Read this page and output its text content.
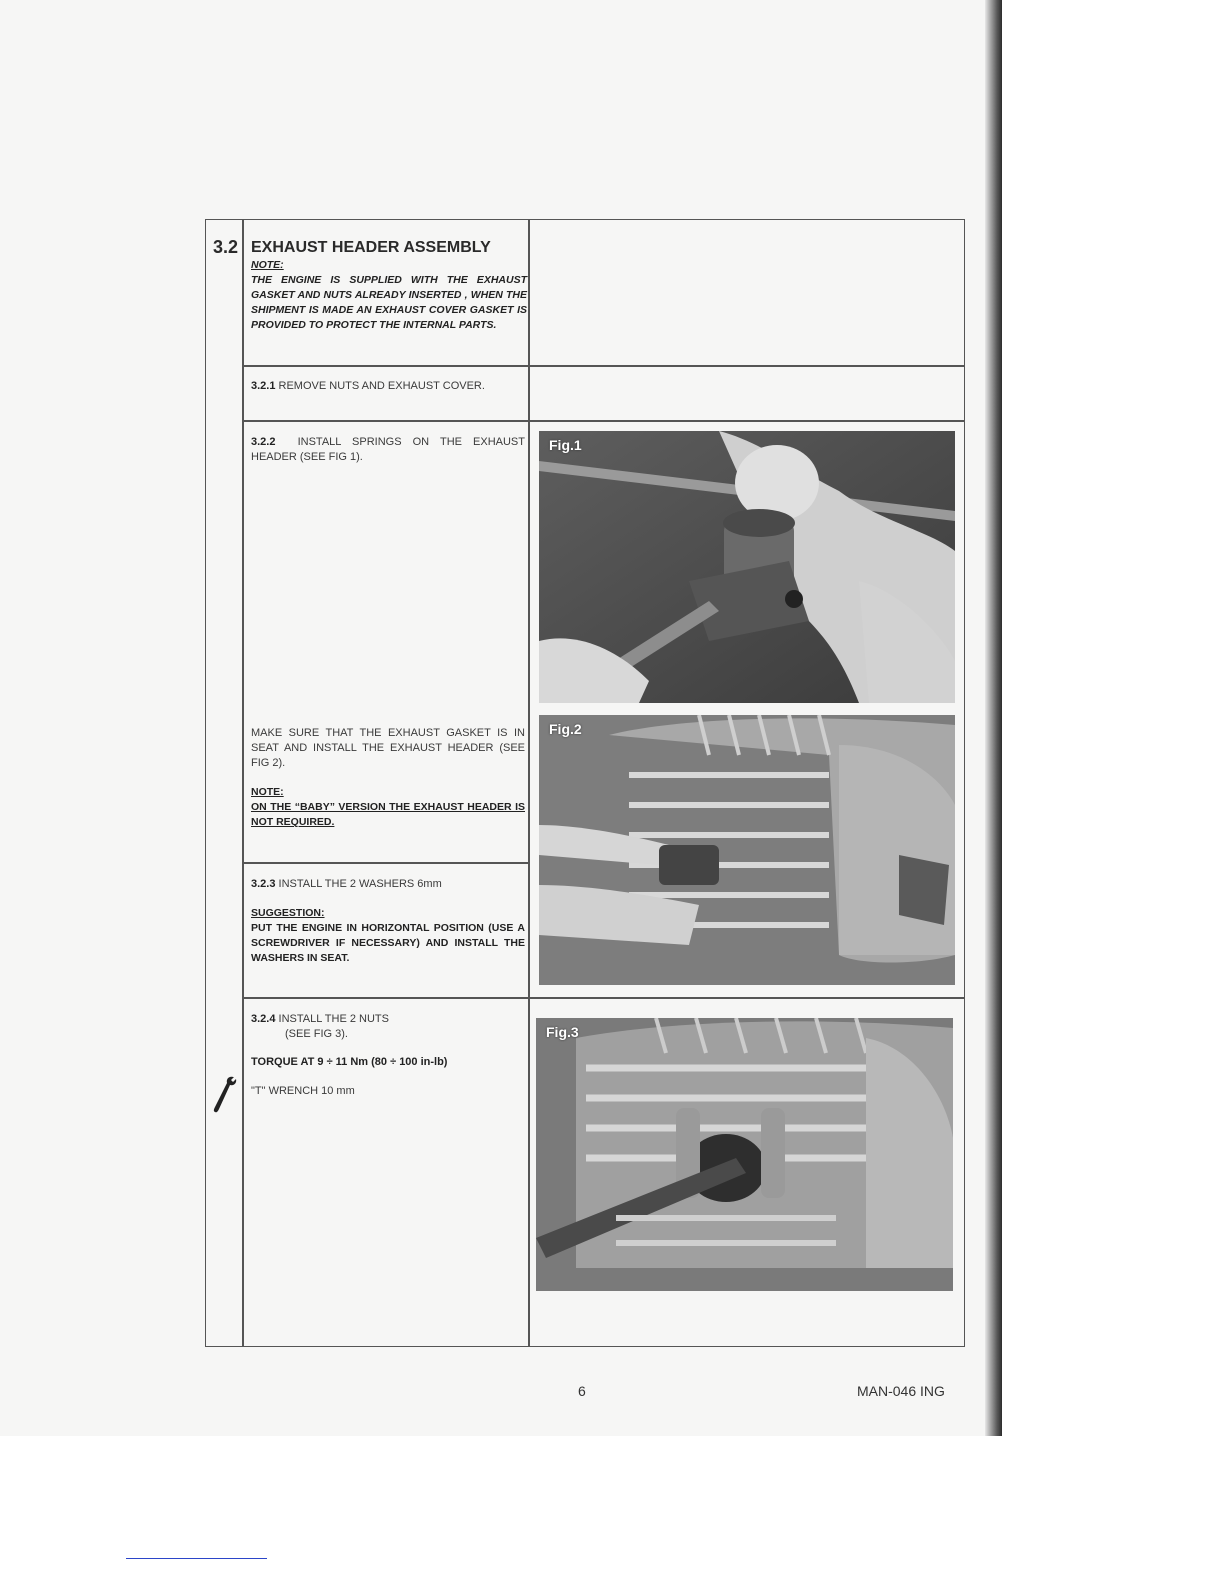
3.2 EXHAUST HEADER ASSEMBLY
NOTE:
THE ENGINE IS SUPPLIED WITH THE EXHAUST GASKET AND NUTS ALREADY INSERTED , WHEN THE SHIPMENT IS MADE AN EXHAUST COVER GASKET IS PROVIDED TO PROTECT THE INTERNAL PARTS.
3.2.1 REMOVE NUTS AND EXHAUST COVER.
3.2.2 INSTALL SPRINGS ON THE EXHAUST HEADER (SEE FIG 1).
MAKE SURE THAT THE EXHAUST GASKET IS IN SEAT AND INSTALL THE EXHAUST HEADER (SEE FIG 2).
NOTE:
ON THE “BABY” VERSION THE EXHAUST HEADER IS NOT REQUIRED.
3.2.3 INSTALL THE 2 WASHERS 6mm
SUGGESTION:
PUT THE ENGINE IN HORIZONTAL POSITION (USE A SCREWDRIVER IF NECESSARY) AND INSTALL THE WASHERS IN SEAT.
3.2.4 INSTALL THE 2 NUTS
(SEE FIG 3).
TORQUE AT 9 ÷ 11 Nm (80 ÷ 100 in-lb)
"T" WRENCH 10 mm
Fig.1
Fig.2
Fig.3
6	MAN-046 ING
